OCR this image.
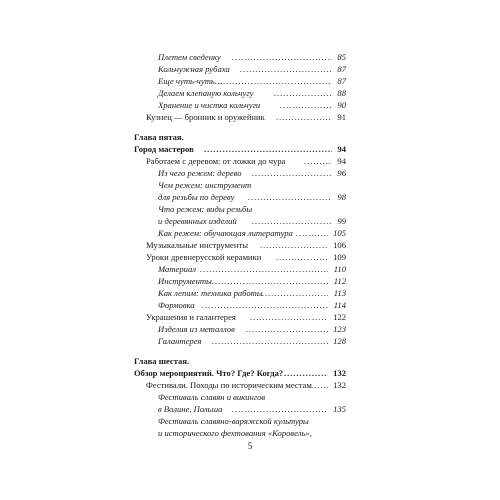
Плетем сведенку . . .	85
Кольчужная рубаха . . .	87
Еще чуть-чуть… . . .	87
Делаем клепаную кольчугу . . .	88
Хранение и чистка кольчуги . . .	90
Кузнец — бронник и оружейник . . .	91
Глава пятая.
Город мастеров . . .	94
Работаем с деревом: от ложки до чура . . .	94
Из чего режем: дерево . . .	96
Чем режем: инструмент
для резьбы по дереву . . .	98
Что режем: виды резьбы
и деревянных изделий . . .	99
Как режем: обучающая литература . . .	105
Музыкальные инструменты . . .	106
Уроки древнерусской керамики . . .	109
Материал . . .	110
Инструменты . . .	112
Как лепим: техника работы . . .	113
Формовка . . .	114
Украшения и галантерея . . .	122
Изделия из металлов . . .	123
Галантерея . . .	128
Глава шестая.
Обзор мероприятий. Что? Где? Когда? . . .	132
Фестивали. Походы по историческим местам . . . 132
Фестиваль славян и викингов
в Волине, Польша . . .	135
Фестиваль славяно-варяжской культуры
и исторического фехтования «Коровель»,
5
